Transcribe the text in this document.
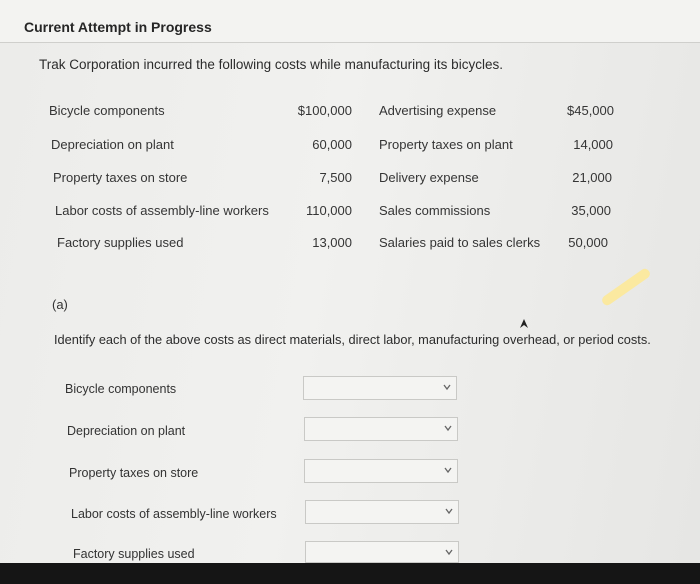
Current Attempt in Progress
Trak Corporation incurred the following costs while manufacturing its bicycles.
Bicycle components	$100,000
Depreciation on plant	60,000
Property taxes on store	7,500
Labor costs of assembly-line workers	110,000
Factory supplies used	13,000
Advertising expense	$45,000
Property taxes on plant	14,000
Delivery expense	21,000
Sales commissions	35,000
Salaries paid to sales clerks	50,000
(a)
Identify each of the above costs as direct materials, direct labor, manufacturing overhead, or period costs.
Bicycle components
Depreciation on plant
Property taxes on store
Labor costs of assembly-line workers
Factory supplies used
